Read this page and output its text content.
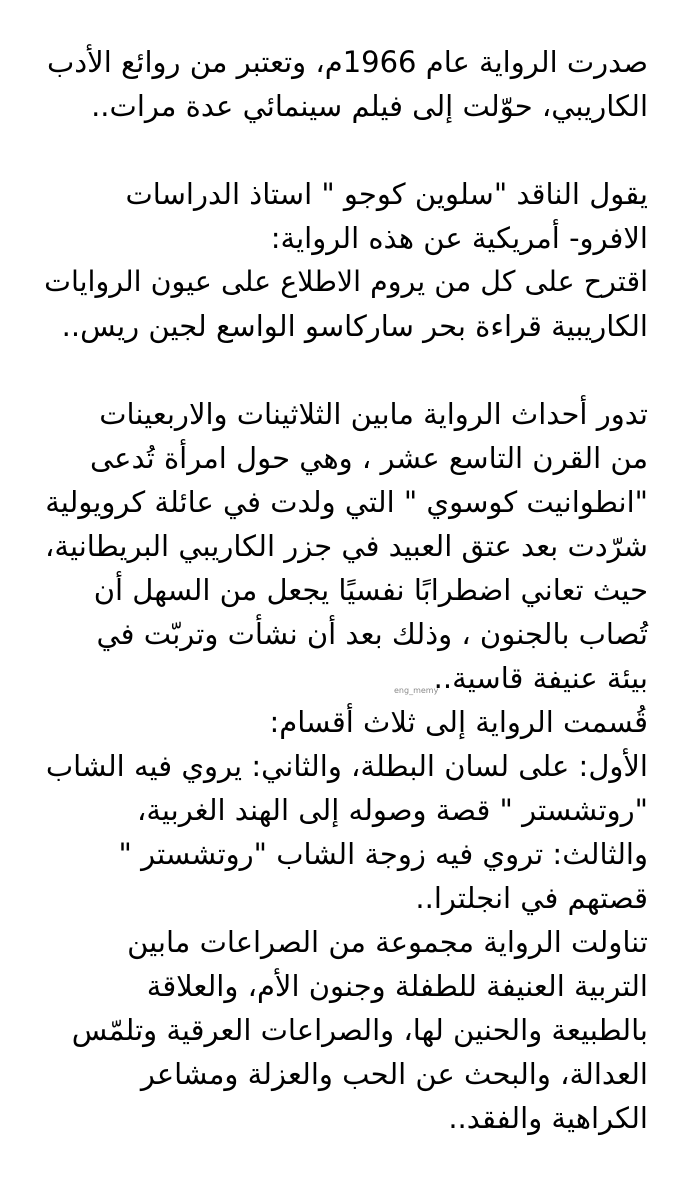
صدرت الرواية عام 1966م، وتعتبر من روائع الأدب
الكاريبي، حوّلت إلى فيلم سينمائي عدة مرات..
يقول الناقد "سلوين كوجو " استاذ الدراسات
الافرو- أمريكية عن هذه الرواية:
اقترح على كل من يروم الاطلاع على عيون الروايات
الكاريبية قراءة بحر ساركاسو الواسع لجين ريس..
تدور أحداث الرواية مابين الثلاثينات والاربعينات
من القرن التاسع عشر ، وهي حول امرأة تُدعى
"انطوانيت كوسوي " التي ولدت في عائلة كرويولية
شرّدت بعد عتق العبيد في جزر الكاريبي البريطانية،
حيث تعاني اضطرابًا نفسيًا يجعل من السهل أن
تُصاب بالجنون ، وذلك بعد أن نشأت وتربّت في
بيئة عنيفة قاسية..
قُسمت الرواية إلى ثلاث أقسام:
الأول: على لسان البطلة، والثاني: يروي فيه الشاب
"روتشستر " قصة وصوله إلى الهند الغربية،
والثالث: تروي فيه زوجة الشاب "روتشستر "
قصتهم في انجلترا..
تناولت الرواية مجموعة من الصراعات مابين
التربية العنيفة للطفلة وجنون الأم، والعلاقة
بالطبيعة والحنين لها، والصراعات العرقية وتلمّس
العدالة، والبحث عن الحب والعزلة ومشاعر
الكراهية والفقد..
eng_memy
